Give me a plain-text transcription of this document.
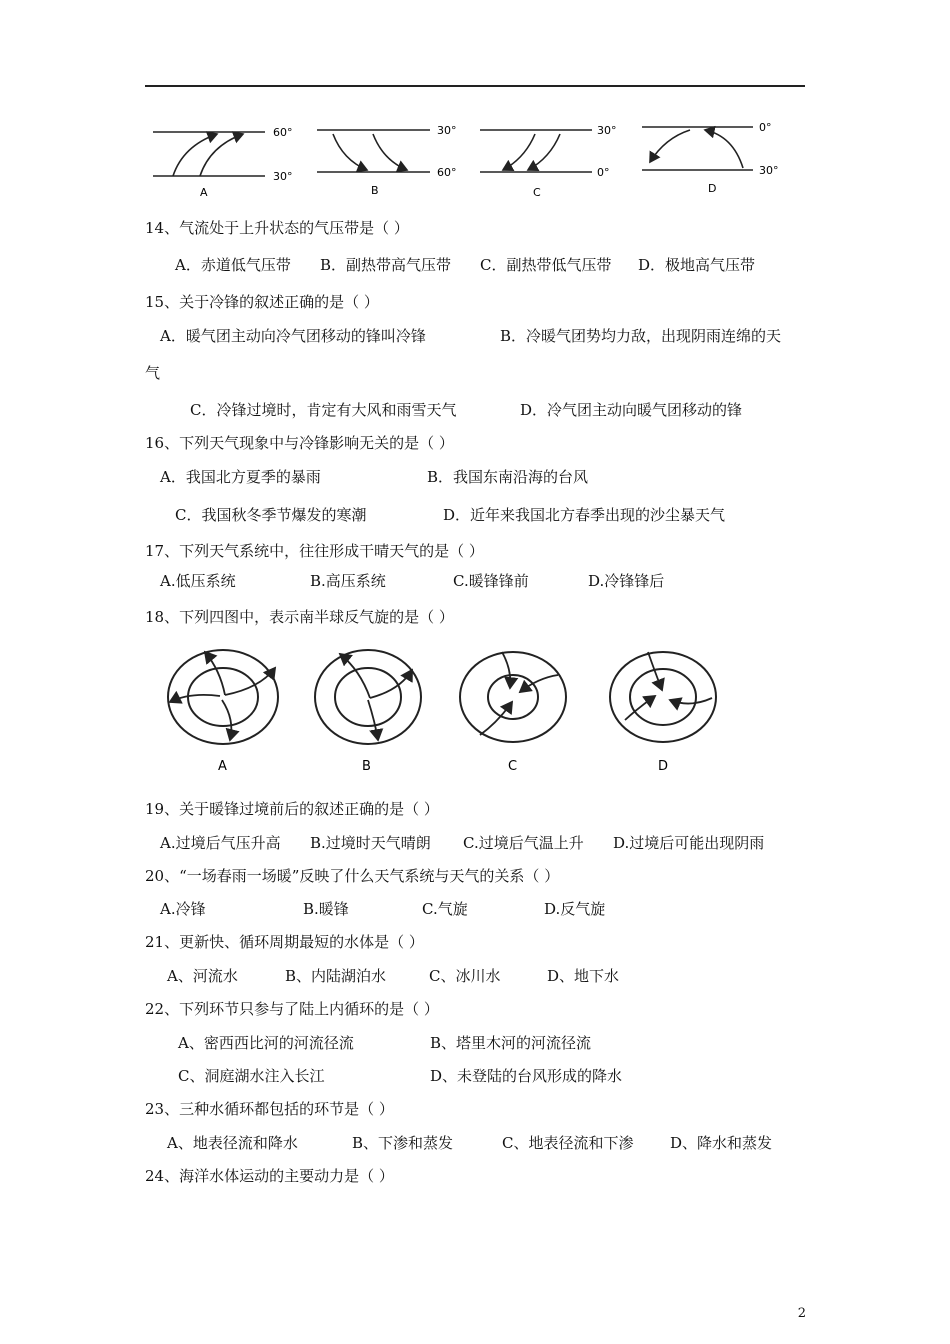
60°
30°
A
30°
60°
B
30°
0°
C
0°
30°
D
14、气流处于上升状态的气压带是（ ）
A．赤道低气压带 B．副热带高气压带 C．副热带低气压带 D．极地高气压带
15、关于冷锋的叙述正确的是（ ）
A．暖气团主动向冷气团移动的锋叫冷锋	B．冷暖气团势均力敌，出现阴雨连绵的天
气
C．冷锋过境时，肯定有大风和雨雪天气	D．冷气团主动向暖气团移动的锋
16、下列天气现象中与冷锋影响无关的是（ ）
A．我国北方夏季的暴雨	B．我国东南沿海的台风
C．我国秋冬季节爆发的寒潮	D．近年来我国北方春季出现的沙尘暴天气
17、下列天气系统中，往往形成干晴天气的是（ ）
A.低压系统	B.高压系统	C.暖锋锋前	D.冷锋锋后
18、下列四图中，表示南半球反气旋的是（ ）
A	B	C	D
19、关于暖锋过境前后的叙述正确的是（ ）
A.过境后气压升高 B.过境时天气晴朗 C.过境后气温上升 D.过境后可能出现阴雨
20、“一场春雨一场暖”反映了什么天气系统与天气的关系（ ）
A.冷锋	B.暖锋	C.气旋	D.反气旋
21、更新快、循环周期最短的水体是（ ）
A、河流水	B、内陆湖泊水	C、冰川水	D、地下水
22、下列环节只参与了陆上内循环的是（ ）
A、密西西比河的河流径流	B、塔里木河的河流径流
C、洞庭湖水注入长江	D、未登陆的台风形成的降水
23、三种水循环都包括的环节是（ ）
A、地表径流和降水	B、下渗和蒸发	C、地表径流和下渗 D、降水和蒸发
24、海洋水体运动的主要动力是（ ）
2
